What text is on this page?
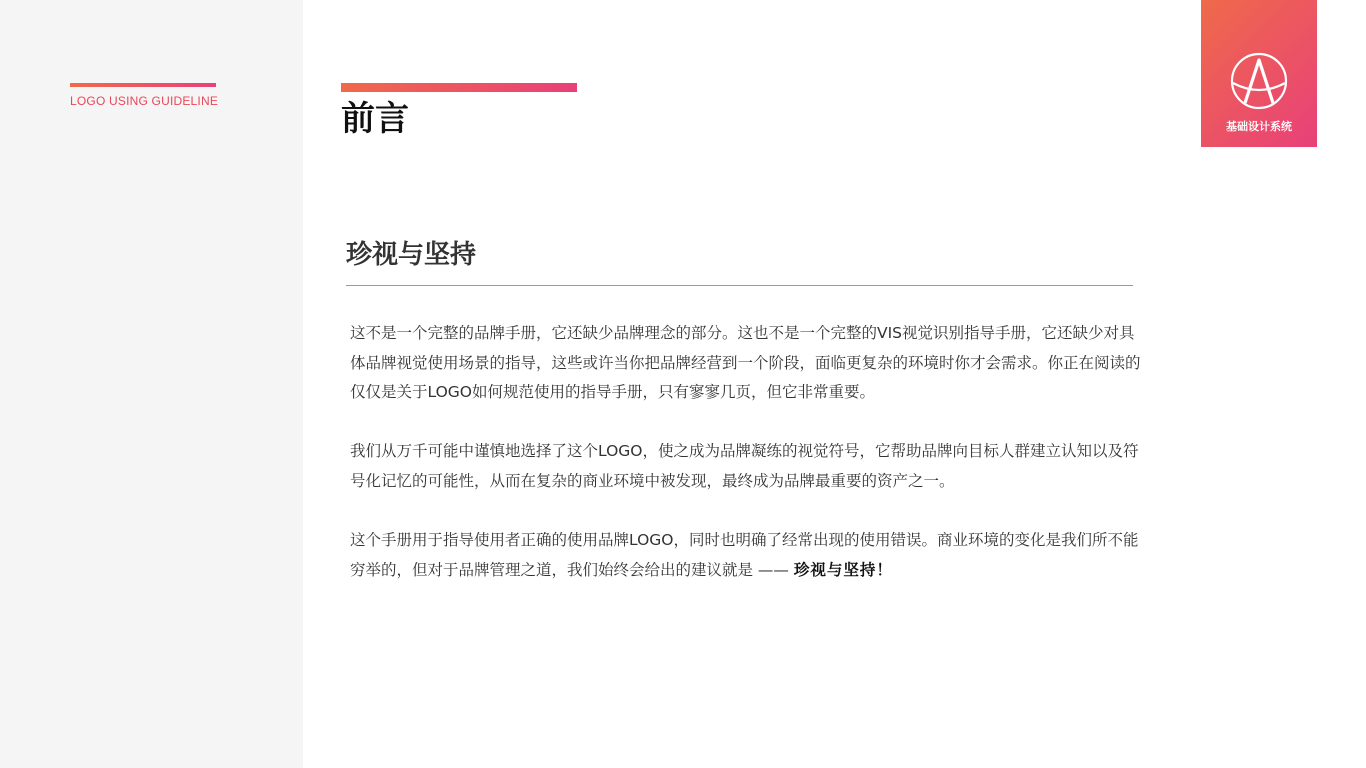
LOGO USING GUIDELINE	前言	基础设计系统
珍视与坚持

这不是一个完整的品牌手册，它还缺少品牌理念的部分。这也不是一个完整的VIS视觉识别指导手册，它还缺少对具体品牌视觉使用场景的指导，这些或许当你把品牌经营到一个阶段，面临更复杂的环境时你才会需求。你正在阅读的仅仅是关于LOGO如何规范使用的指导手册，只有寥寥几页，但它非常重要。

我们从万千可能中谨慎地选择了这个LOGO，使之成为品牌凝练的视觉符号，它帮助品牌向目标人群建立认知以及符号化记忆的可能性，从而在复杂的商业环境中被发现，最终成为品牌最重要的资产之一。

这个手册用于指导使用者正确的使用品牌LOGO，同时也明确了经常出现的使用错误。商业环境的变化是我们所不能穷举的，但对于品牌管理之道，我们始终会给出的建议就是 —— 珍视与坚持！
